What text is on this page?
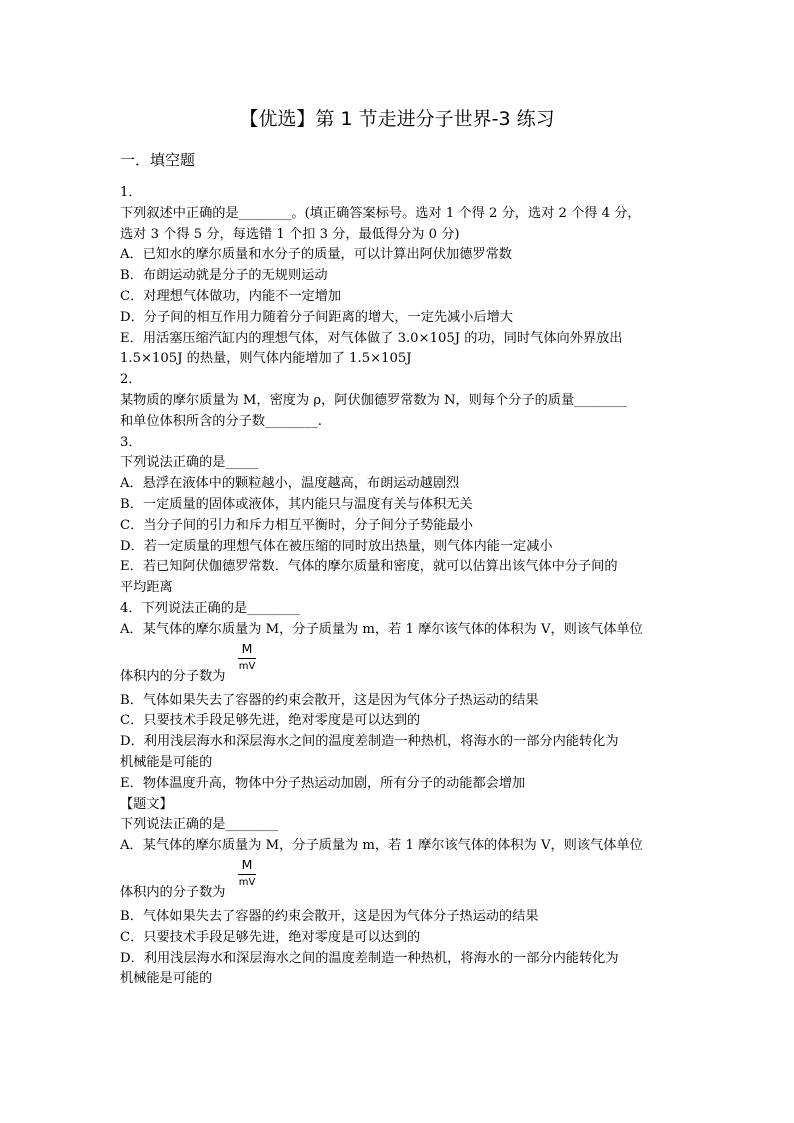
【优选】第 1 节走进分子世界-3 练习
一．填空题
1．
下列叙述中正确的是________。(填正确答案标号。选对 1 个得 2 分，选对 2 个得 4 分，
选对 3 个得 5 分，每选错 1 个扣 3 分，最低得分为 0 分)
A．已知水的摩尔质量和水分子的质量，可以计算出阿伏加德罗常数
B．布朗运动就是分子的无规则运动
C．对理想气体做功，内能不一定增加
D．分子间的相互作用力随着分子间距离的增大，一定先减小后增大
E．用活塞压缩汽缸内的理想气体，对气体做了 3.0×105J 的功，同时气体向外界放出
1.5×105J 的热量，则气体内能增加了 1.5×105J
2．
某物质的摩尔质量为 M，密度为 ρ，阿伏伽德罗常数为 N，则每个分子的质量________
和单位体积所含的分子数________.
3．
下列说法正确的是_____
A．悬浮在液体中的颗粒越小，温度越高，布朗运动越剧烈
B．一定质量的固体或液体，其内能只与温度有关与体积无关
C．当分子间的引力和斥力相互平衡时，分子间分子势能最小
D．若一定质量的理想气体在被压缩的同时放出热量，则气体内能一定减小
E．若已知阿伏伽德罗常数．气体的摩尔质量和密度，就可以估算出该气体中分子间的
平均距离
4．下列说法正确的是________
A．某气体的摩尔质量为 M，分子质量为 m，若 1 摩尔该气体的体积为 V，则该气体单位
体积内的分子数为
M
mV
B．气体如果失去了容器的约束会散开，这是因为气体分子热运动的结果
C．只要技术手段足够先进，绝对零度是可以达到的
D．利用浅层海水和深层海水之间的温度差制造一种热机，将海水的一部分内能转化为
机械能是可能的
E．物体温度升高，物体中分子热运动加剧，所有分子的动能都会增加
【题文】
下列说法正确的是________
A．某气体的摩尔质量为 M，分子质量为 m，若 1 摩尔该气体的体积为 V，则该气体单位
体积内的分子数为
M
mV
B．气体如果失去了容器的约束会散开，这是因为气体分子热运动的结果
C．只要技术手段足够先进，绝对零度是可以达到的
D．利用浅层海水和深层海水之间的温度差制造一种热机，将海水的一部分内能转化为
机械能是可能的
